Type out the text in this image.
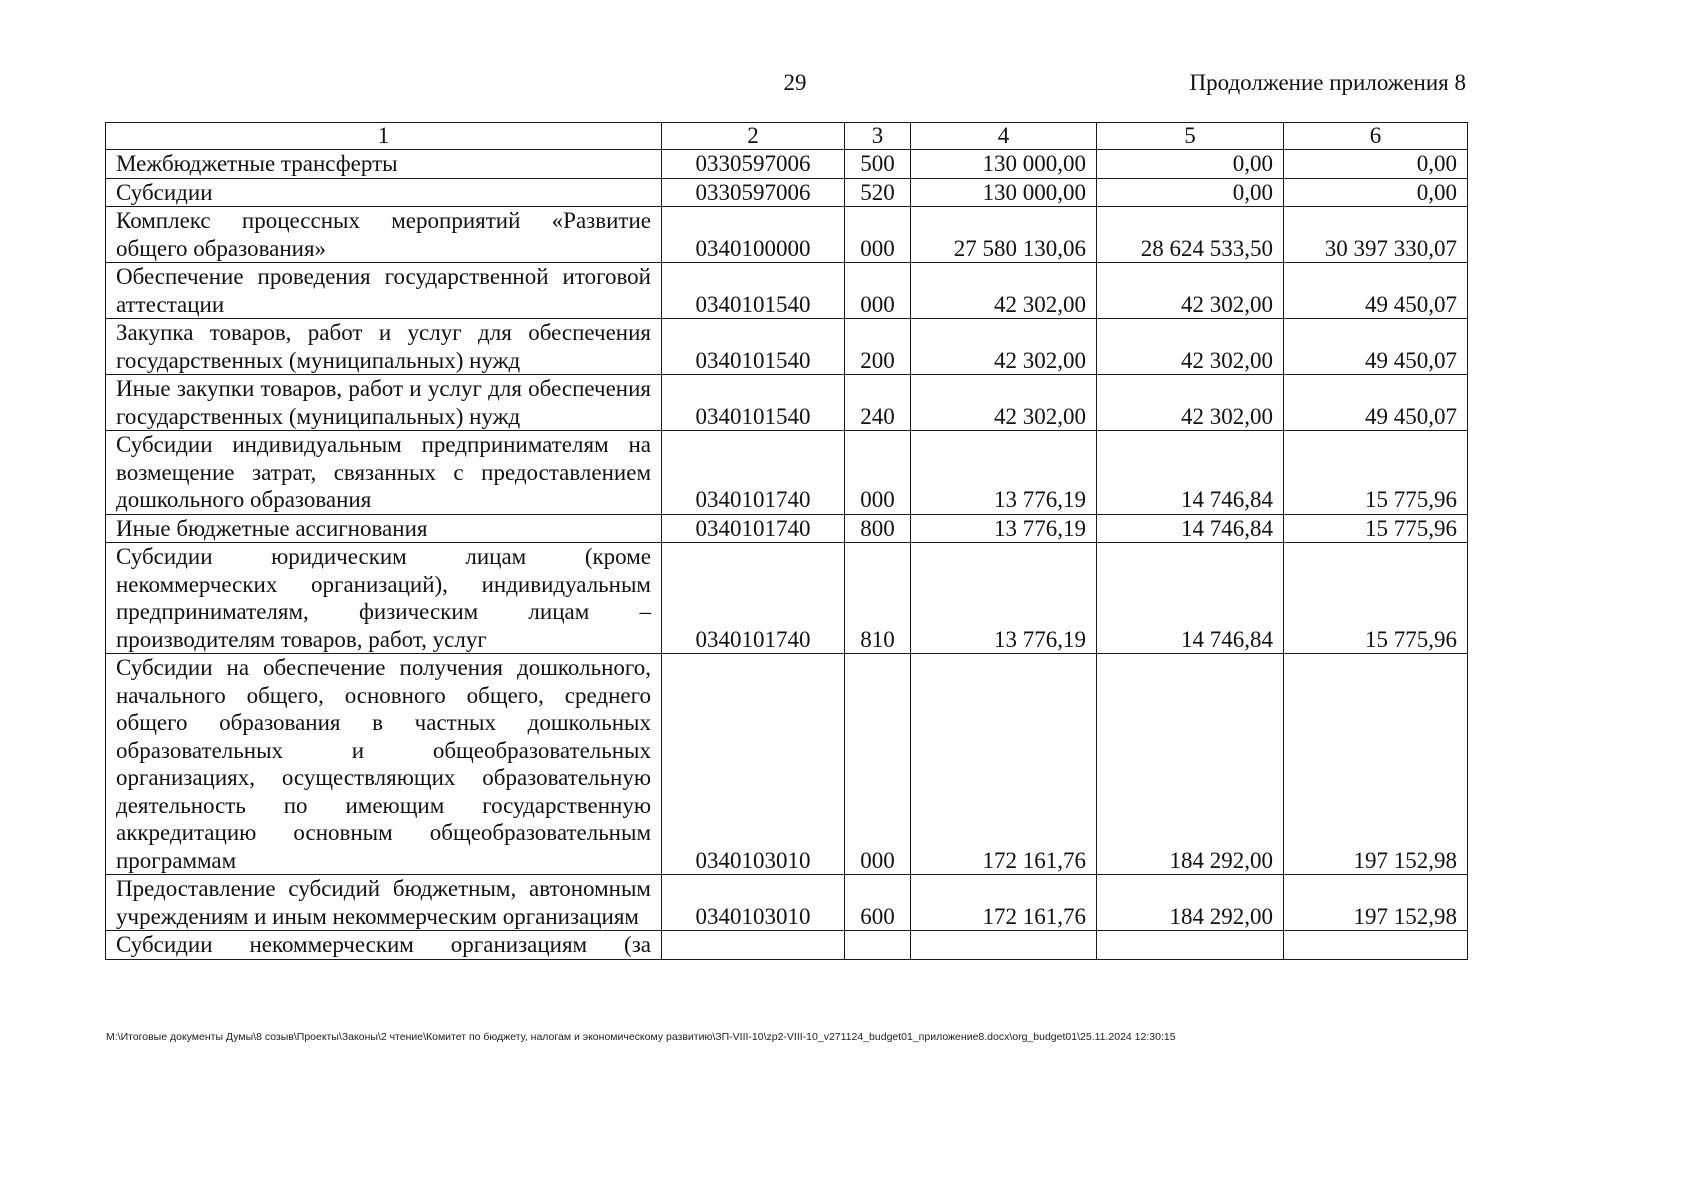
29	Продолжение приложения 8
1	2	3	4	5	6
Межбюджетные трансферты	0330597006	500	130 000,00	0,00	0,00
Субсидии	0330597006	520	130 000,00	0,00	0,00
Комплекс процессных мероприятий «Развитие общего образования»	0340100000	000	27 580 130,06	28 624 533,50	30 397 330,07
Обеспечение проведения государственной итоговой аттестации	0340101540	000	42 302,00	42 302,00	49 450,07
Закупка товаров, работ и услуг для обеспечения государственных (муниципальных) нужд	0340101540	200	42 302,00	42 302,00	49 450,07
Иные закупки товаров, работ и услуг для обеспечения государственных (муниципальных) нужд	0340101540	240	42 302,00	42 302,00	49 450,07
Субсидии индивидуальным предпринимателям на возмещение затрат, связанных с предоставлением дошкольного образования	0340101740	000	13 776,19	14 746,84	15 775,96
Иные бюджетные ассигнования	0340101740	800	13 776,19	14 746,84	15 775,96
Субсидии юридическим лицам (кроме некоммерческих организаций), индивидуальным предпринимателям, физическим лицам – производителям товаров, работ, услуг	0340101740	810	13 776,19	14 746,84	15 775,96
Субсидии на обеспечение получения дошкольного, начального общего, основного общего, среднего общего образования в частных дошкольных образовательных и общеобразовательных организациях, осуществляющих образовательную деятельность по имеющим государственную аккредитацию основным общеобразовательным программам	0340103010	000	172 161,76	184 292,00	197 152,98
Предоставление субсидий бюджетным, автономным учреждениям и иным некоммерческим организациям	0340103010	600	172 161,76	184 292,00	197 152,98
Субсидии некоммерческим организациям (за					
M:\Итоговые документы Думы\8 созыв\Проекты\Законы\2 чтение\Комитет по бюджету, налогам и экономическому развитию\ЗП-VIII-10\zp2-VIII-10_v271124_budget01_приложение8.docx\org_budget01\25.11.2024 12:30:15
